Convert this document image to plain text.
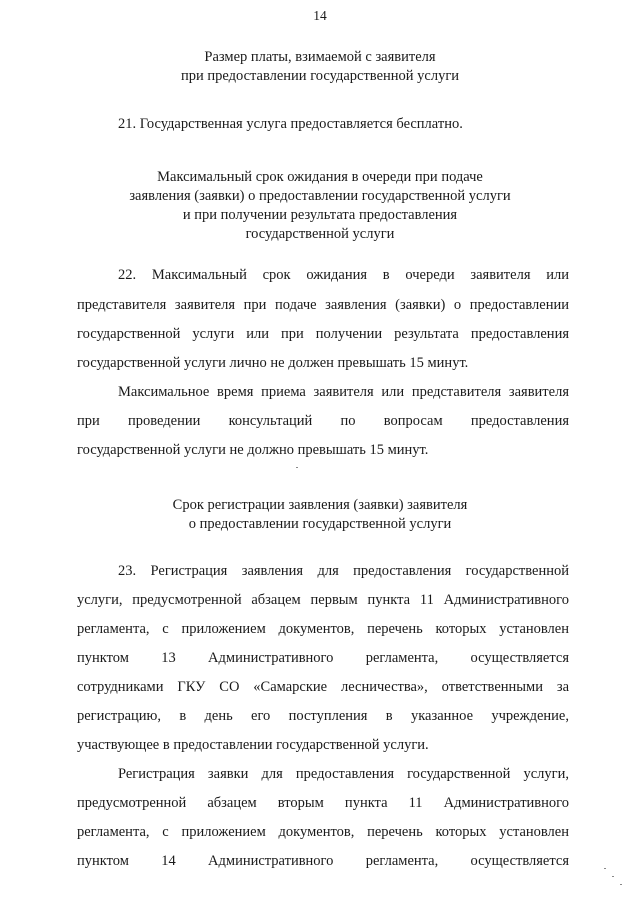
14
Размер платы, взимаемой с заявителя
при предоставлении государственной услуги
21. Государственная услуга предоставляется бесплатно.
Максимальный срок ожидания в очереди при подаче
заявления (заявки) о предоставлении государственной услуги
и при получении результата предоставления
государственной услуги
22. Максимальный срок ожидания в очереди заявителя или
представителя заявителя при подаче заявления (заявки) о предоставлении
государственной услуги или при получении результата предоставления
государственной услуги лично не должен превышать 15 минут.
Максимальное время приема заявителя или представителя заявителя
при проведении консультаций по вопросам предоставления
государственной услуги не должно превышать 15 минут.
Срок регистрации заявления (заявки) заявителя
о предоставлении государственной услуги
23. Регистрация заявления для предоставления государственной
услуги, предусмотренной абзацем первым пункта 11 Административного
регламента, с приложением документов, перечень которых установлен
пунктом 13 Административного регламента, осуществляется
сотрудниками ГКУ СО «Самарские лесничества», ответственными за
регистрацию, в день его поступления в указанное учреждение,
участвующее в предоставлении государственной услуги.
Регистрация заявки для предоставления государственной услуги,
предусмотренной абзацем вторым пункта 11 Административного
регламента, с приложением документов, перечень которых установлен
пунктом 14 Административного регламента, осуществляется
